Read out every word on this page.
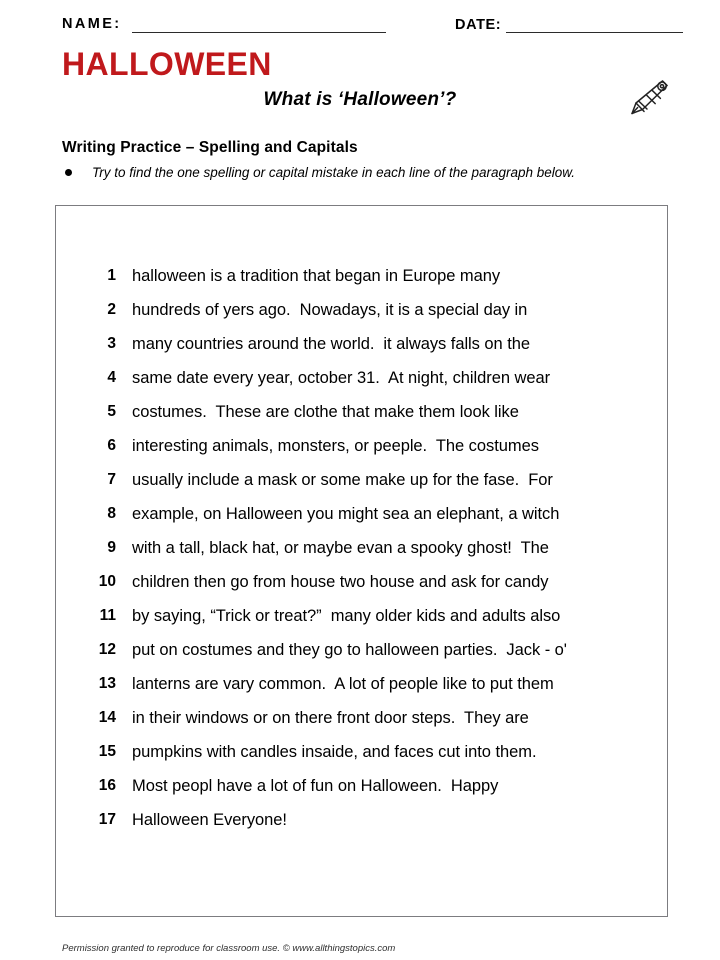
NAME:	DATE:
HALLOWEEN
What is ‘Halloween’?
Writing Practice – Spelling and Capitals
Try to find the one spelling or capital mistake in each line of the paragraph below.
1 halloween is a tradition that began in Europe many
2 hundreds of yers ago.  Nowadays, it is a special day in
3 many countries around the world.  it always falls on the
4 same date every year, october 31.  At night, children wear
5 costumes.  These are clothe that make them look like
6 interesting animals, monsters, or peeple.  The costumes
7 usually include a mask or some make up for the fase.  For
8 example, on Halloween you might sea an elephant, a witch
9 with a tall, black hat, or maybe evan a spooky ghost!  The
10 children then go from house two house and ask for candy
11 by saying, “Trick or treat?”  many older kids and adults also
12 put on costumes and they go to halloween parties.  Jack - o'
13 lanterns are vary common.  A lot of people like to put them
14 in their windows or on there front door steps.  They are
15 pumpkins with candles insaide, and faces cut into them.
16 Most peopl have a lot of fun on Halloween.  Happy
17 Halloween Everyone!
Permission granted to reproduce for classroom use. © www.allthingstopics.com
